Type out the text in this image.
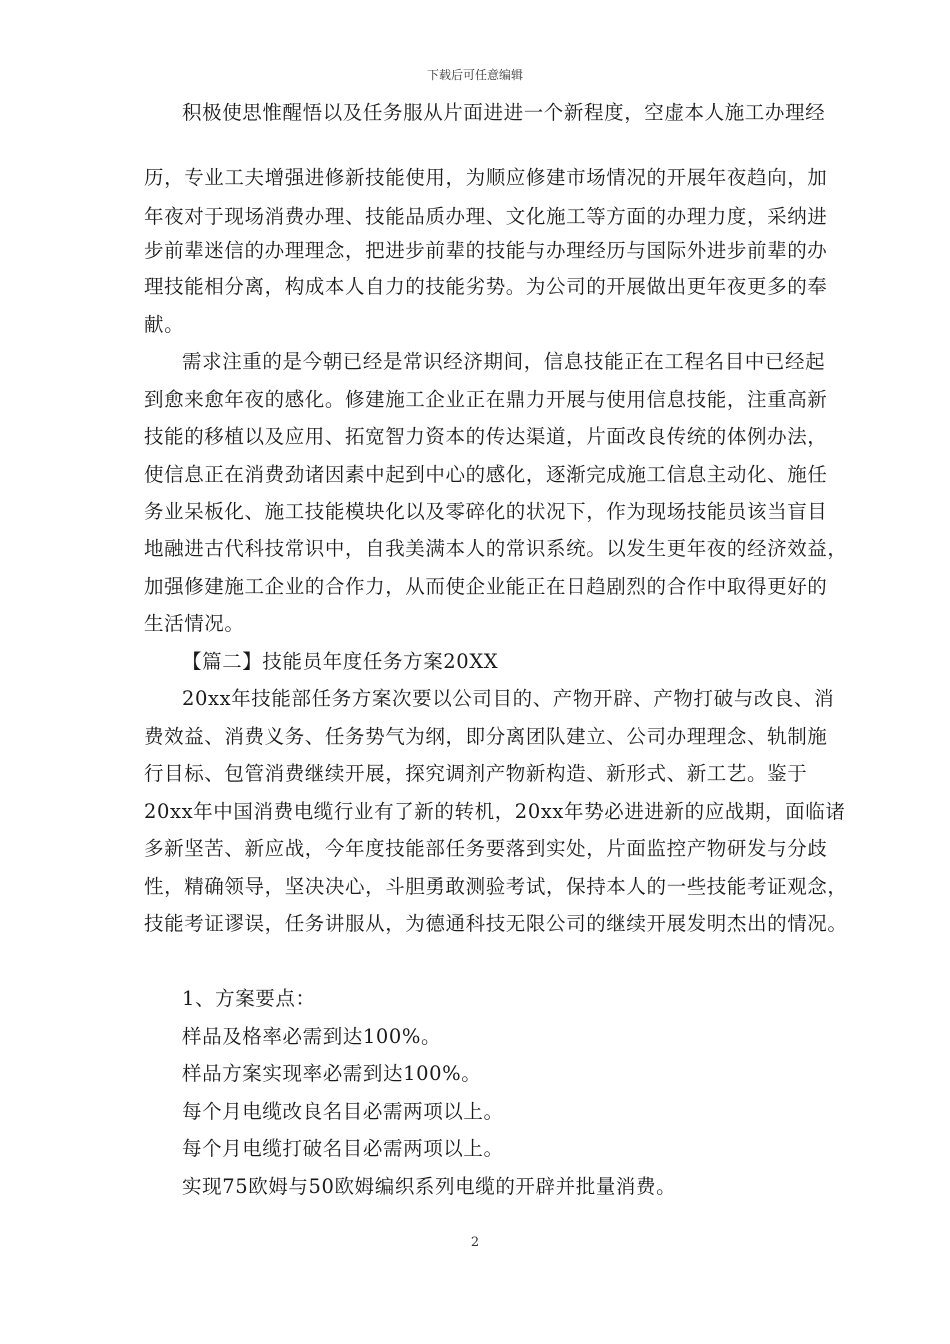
下载后可任意编辑
积极使思惟醒悟以及任务服从片面进进一个新程度，空虚本人施工办理经
历，专业工夫增强进修新技能使用，为顺应修建市场情况的开展年夜趋向，加
年夜对于现场消费办理、技能品质办理、文化施工等方面的办理力度，采纳进
步前辈迷信的办理理念，把进步前辈的技能与办理经历与国际外进步前辈的办
理技能相分离，构成本人自力的技能劣势。为公司的开展做出更年夜更多的奉
献。
需求注重的是今朝已经是常识经济期间，信息技能正在工程名目中已经起
到愈来愈年夜的感化。修建施工企业正在鼎力开展与使用信息技能，注重高新
技能的移植以及应用、拓宽智力资本的传达渠道，片面改良传统的体例办法，
使信息正在消费劲诸因素中起到中心的感化，逐渐完成施工信息主动化、施任
务业呆板化、施工技能模块化以及零碎化的状况下，作为现场技能员该当盲目
地融进古代科技常识中，自我美满本人的常识系统。以发生更年夜的经济效益，
加强修建施工企业的合作力，从而使企业能正在日趋剧烈的合作中取得更好的
生活情况。
【篇二】技能员年度任务方案20XX
20xx年技能部任务方案次要以公司目的、产物开辟、产物打破与改良、消
费效益、消费义务、任务势气为纲，即分离团队建立、公司办理理念、轨制施
行目标、包管消费继续开展，探究调剂产物新构造、新形式、新工艺。鉴于
20xx年中国消费电缆行业有了新的转机，20xx年势必进进新的应战期，面临诸
多新坚苦、新应战，今年度技能部任务要落到实处，片面监控产物研发与分歧
性，精确领导，坚决决心，斗胆勇敢测验考试，保持本人的一些技能考证观念，
技能考证谬误，任务讲服从，为德通科技无限公司的继续开展发明杰出的情况。
1、方案要点：
样品及格率必需到达100%。
样品方案实现率必需到达100%。
每个月电缆改良名目必需两项以上。
每个月电缆打破名目必需两项以上。
实现75欧姆与50欧姆编织系列电缆的开辟并批量消费。
2
